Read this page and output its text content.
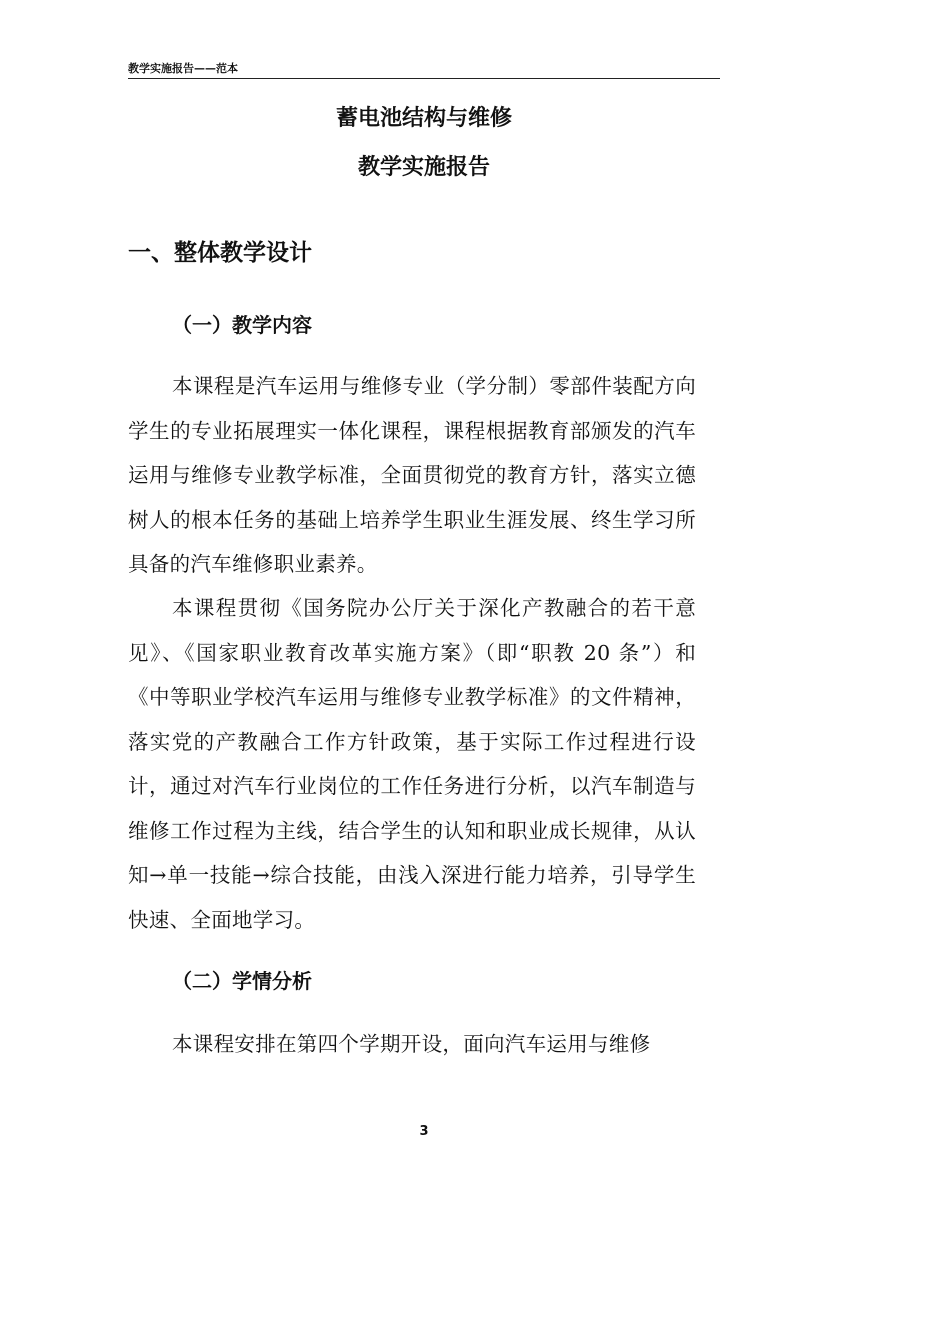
教学实施报告——范本
蓄电池结构与维修
教学实施报告
一、整体教学设计
（一）教学内容

本课程是汽车运用与维修专业（学分制）零部件装配方向学生的专业拓展理实一体化课程，课程根据教育部颁发的汽车运用与维修专业教学标准，全面贯彻党的教育方针，落实立德树人的根本任务的基础上培养学生职业生涯发展、终生学习所具备的汽车维修职业素养。

本课程贯彻《国务院办公厅关于深化产教融合的若干意见》、《国家职业教育改革实施方案》（即“职教 20 条”）和《中等职业学校汽车运用与维修专业教学标准》的文件精神，落实党的产教融合工作方针政策，基于实际工作过程进行设计，通过对汽车行业岗位的工作任务进行分析，以汽车制造与维修工作过程为主线，结合学生的认知和职业成长规律，从认知→单一技能→综合技能，由浅入深进行能力培养，引导学生快速、全面地学习。

（二）学情分析

本课程安排在第四个学期开设，面向汽车运用与维修

3
